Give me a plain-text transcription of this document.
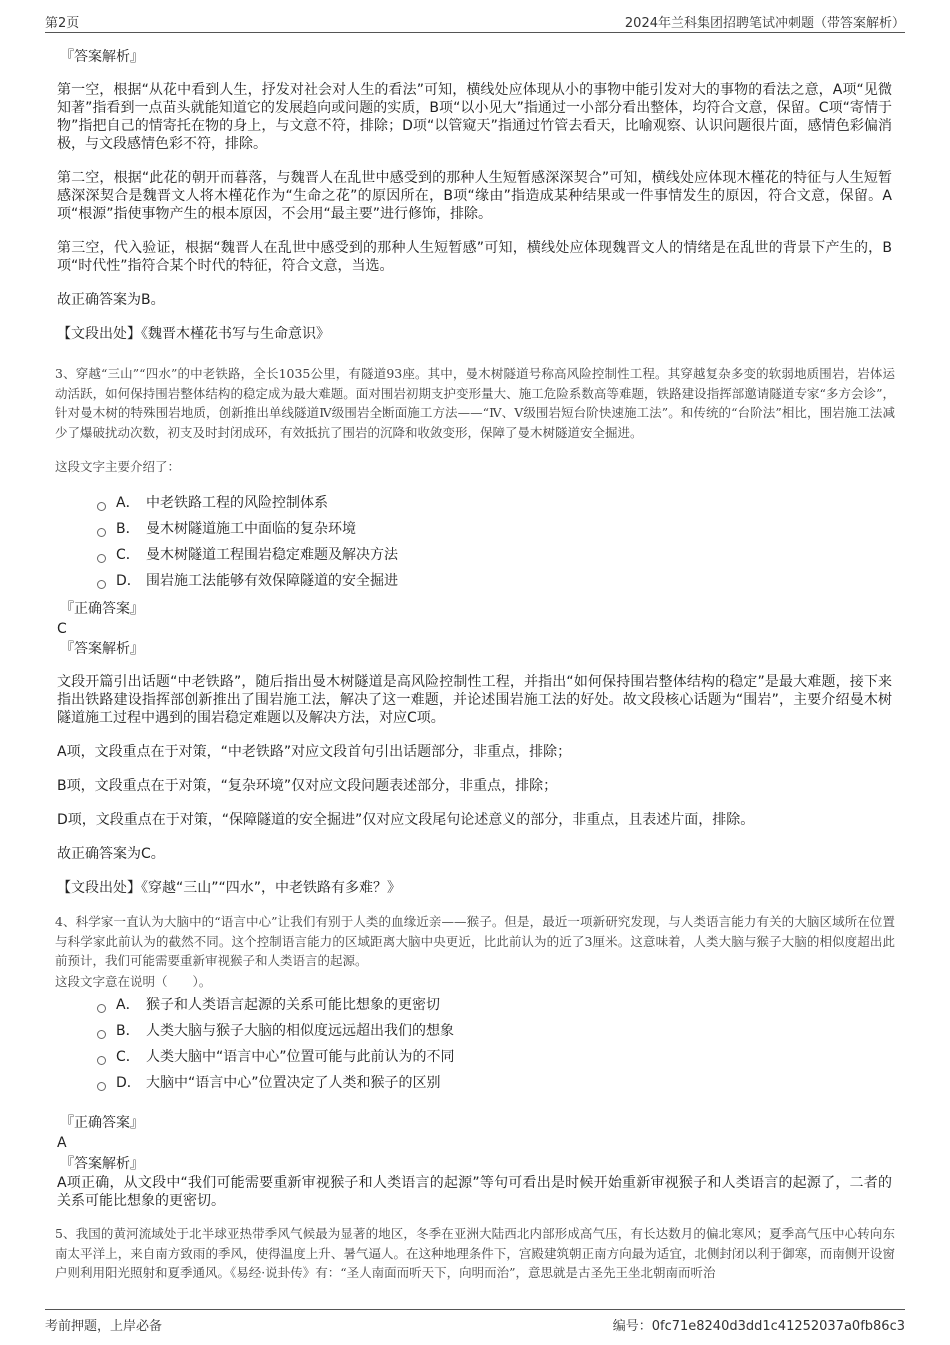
第2页	2024年兰科集团招聘笔试冲刺题（带答案解析）
『答案解析』
第一空，根据“从花中看到人生，抒发对社会对人生的看法”可知，横线处应体现从小的事物中能引发对大的事物的看法之意，A项“见微知著”指看到一点苗头就能知道它的发展趋向或问题的实质，B项“以小见大”指通过一小部分看出整体，均符合文意，保留。C项“寄情于物”指把自己的情寄托在物的身上，与文意不符，排除；D项“以管窥天”指通过竹管去看天，比喻观察、认识问题很片面，感情色彩偏消极，与文段感情色彩不符，排除。
第二空，根据“此花的朝开而暮落，与魏晋人在乱世中感受到的那种人生短暂感深深契合”可知，横线处应体现木槿花的特征与人生短暂感深深契合是魏晋文人将木槿花作为“生命之花”的原因所在，B项“缘由”指造成某种结果或一件事情发生的原因，符合文意，保留。A项“根源”指使事物产生的根本原因，不会用“最主要”进行修饰，排除。
第三空，代入验证，根据“魏晋人在乱世中感受到的那种人生短暂感”可知，横线处应体现魏晋文人的情绪是在乱世的背景下产生的，B项“时代性”指符合某个时代的特征，符合文意，当选。
故正确答案为B。
【文段出处】《魏晋木槿花书写与生命意识》
3、穿越“三山”“四水”的中老铁路，全长1035公里，有隧道93座。其中，曼木树隧道号称高风险控制性工程。其穿越复杂多变的软弱地质围岩，岩体运动活跃，如何保持围岩整体结构的稳定成为最大难题。面对围岩初期支护变形量大、施工危险系数高等难题，铁路建设指挥部邀请隧道专家“多方会诊”，针对曼木树的特殊围岩地质，创新推出单线隧道Ⅳ级围岩全断面施工方法——“Ⅳ、Ⅴ级围岩短台阶快速施工法”。和传统的“台阶法”相比，围岩施工法减少了爆破扰动次数，初支及时封闭成环，有效抵抗了围岩的沉降和收敛变形，保障了曼木树隧道安全掘进。
这段文字主要介绍了：
A． 中老铁路工程的风险控制体系
B． 曼木树隧道施工中面临的复杂环境
C． 曼木树隧道工程围岩稳定难题及解决方法
D． 围岩施工法能够有效保障隧道的安全掘进
『正确答案』
C
『答案解析』
文段开篇引出话题“中老铁路”，随后指出曼木树隧道是高风险控制性工程，并指出“如何保持围岩整体结构的稳定”是最大难题，接下来指出铁路建设指挥部创新推出了围岩施工法，解决了这一难题，并论述围岩施工法的好处。故文段核心话题为“围岩”，主要介绍曼木树隧道施工过程中遇到的围岩稳定难题以及解决方法，对应C项。
A项，文段重点在于对策，“中老铁路”对应文段首句引出话题部分，非重点，排除；
B项，文段重点在于对策，“复杂环境”仅对应文段问题表述部分，非重点，排除；
D项，文段重点在于对策，“保障隧道的安全掘进”仅对应文段尾句论述意义的部分，非重点，且表述片面，排除。
故正确答案为C。
【文段出处】《穿越“三山”“四水”，中老铁路有多难？》
4、科学家一直认为大脑中的“语言中心”让我们有别于人类的血缘近亲——猴子。但是，最近一项新研究发现，与人类语言能力有关的大脑区域所在位置与科学家此前认为的截然不同。这个控制语言能力的区域距离大脑中央更近，比此前认为的近了3厘米。这意味着，人类大脑与猴子大脑的相似度超出此前预计，我们可能需要重新审视猴子和人类语言的起源。
这段文字意在说明（　　）。
A． 猴子和人类语言起源的关系可能比想象的更密切
B． 人类大脑与猴子大脑的相似度远远超出我们的想象
C． 人类大脑中“语言中心”位置可能与此前认为的不同
D． 大脑中“语言中心”位置决定了人类和猴子的区别
『正确答案』
A
『答案解析』
A项正确，从文段中“我们可能需要重新审视猴子和人类语言的起源”等句可看出是时候开始重新审视猴子和人类语言的起源了，二者的关系可能比想象的更密切。
5、我国的黄河流域处于北半球亚热带季风气候最为显著的地区，冬季在亚洲大陆西北内部形成高气压，有长达数月的偏北寒风；夏季高气压中心转向东南太平洋上，来自南方致雨的季风，使得温度上升、暑气逼人。在这种地理条件下，宫殿建筑朝正南方向最为适宜，北侧封闭以利于御寒，而南侧开设窗户则利用阳光照射和夏季通风。《易经·说卦传》有：“圣人南面而听天下，向明而治”，意思就是古圣先王坐北朝南而听治
考前押题，上岸必备	编号：0fc71e8240d3dd1c41252037a0fb86c3
